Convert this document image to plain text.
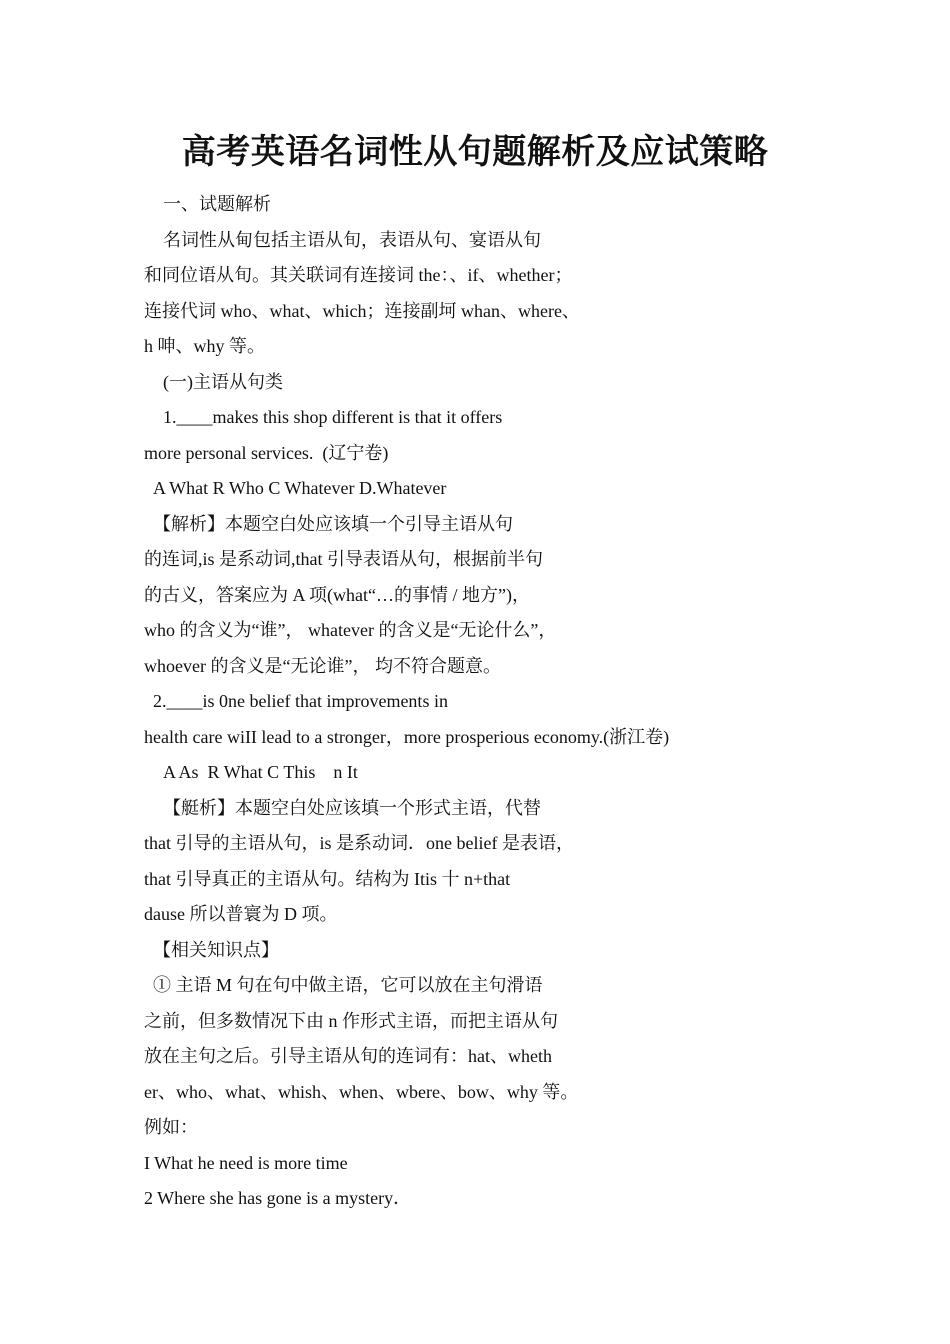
高考英语名词性从句题解析及应试策略
一、试题解析
名词性从甸包括主语从旬，表语从句、宴语从旬
和同位语从旬。其关联词有连接词 the：、if、whether；
连接代词 who、what、which；连接副坷 whan、where、
h 呻、why 等。
(一)主语从句类
1.____makes this shop different is that it offers
more personal services.  (辽宁卷)
A What R Who C Whatever D.Whatever
【解析】本题空白处应该填一个引导主语从句
的连词,is 是系动词,that 引导表语从句，根据前半句
的古义，答案应为 A 项(what“…的事情 / 地方”)，
who 的含义为“谁”， whatever 的含义是“无论什么”，
whoever 的含义是“无论谁”， 均不符合题意。
2.____is 0ne belief that improvements in
health care wiII lead to a stronger，more prosperious economy.(浙江卷)
A As  R What C This    n It
【艇析】本题空白处应该填一个形式主语，代替
that 引导的主语从句，is 是系动词．one belief 是表语，
that 引导真正的主语从句。结构为 Itis 十 n+that
dause 所以普寰为 D 项。
【相关知识点】
① 主语 M 句在句中做主语，它可以放在主句滑语
之前，但多数情况下由 n 作形式主语，而把主语从句
放在主句之后。引导主语从旬的连词有：hat、wheth
er、who、what、whish、when、wbere、bow、why 等。
例如：
I What he need is more time
2 Where she has gone is a mystery．
